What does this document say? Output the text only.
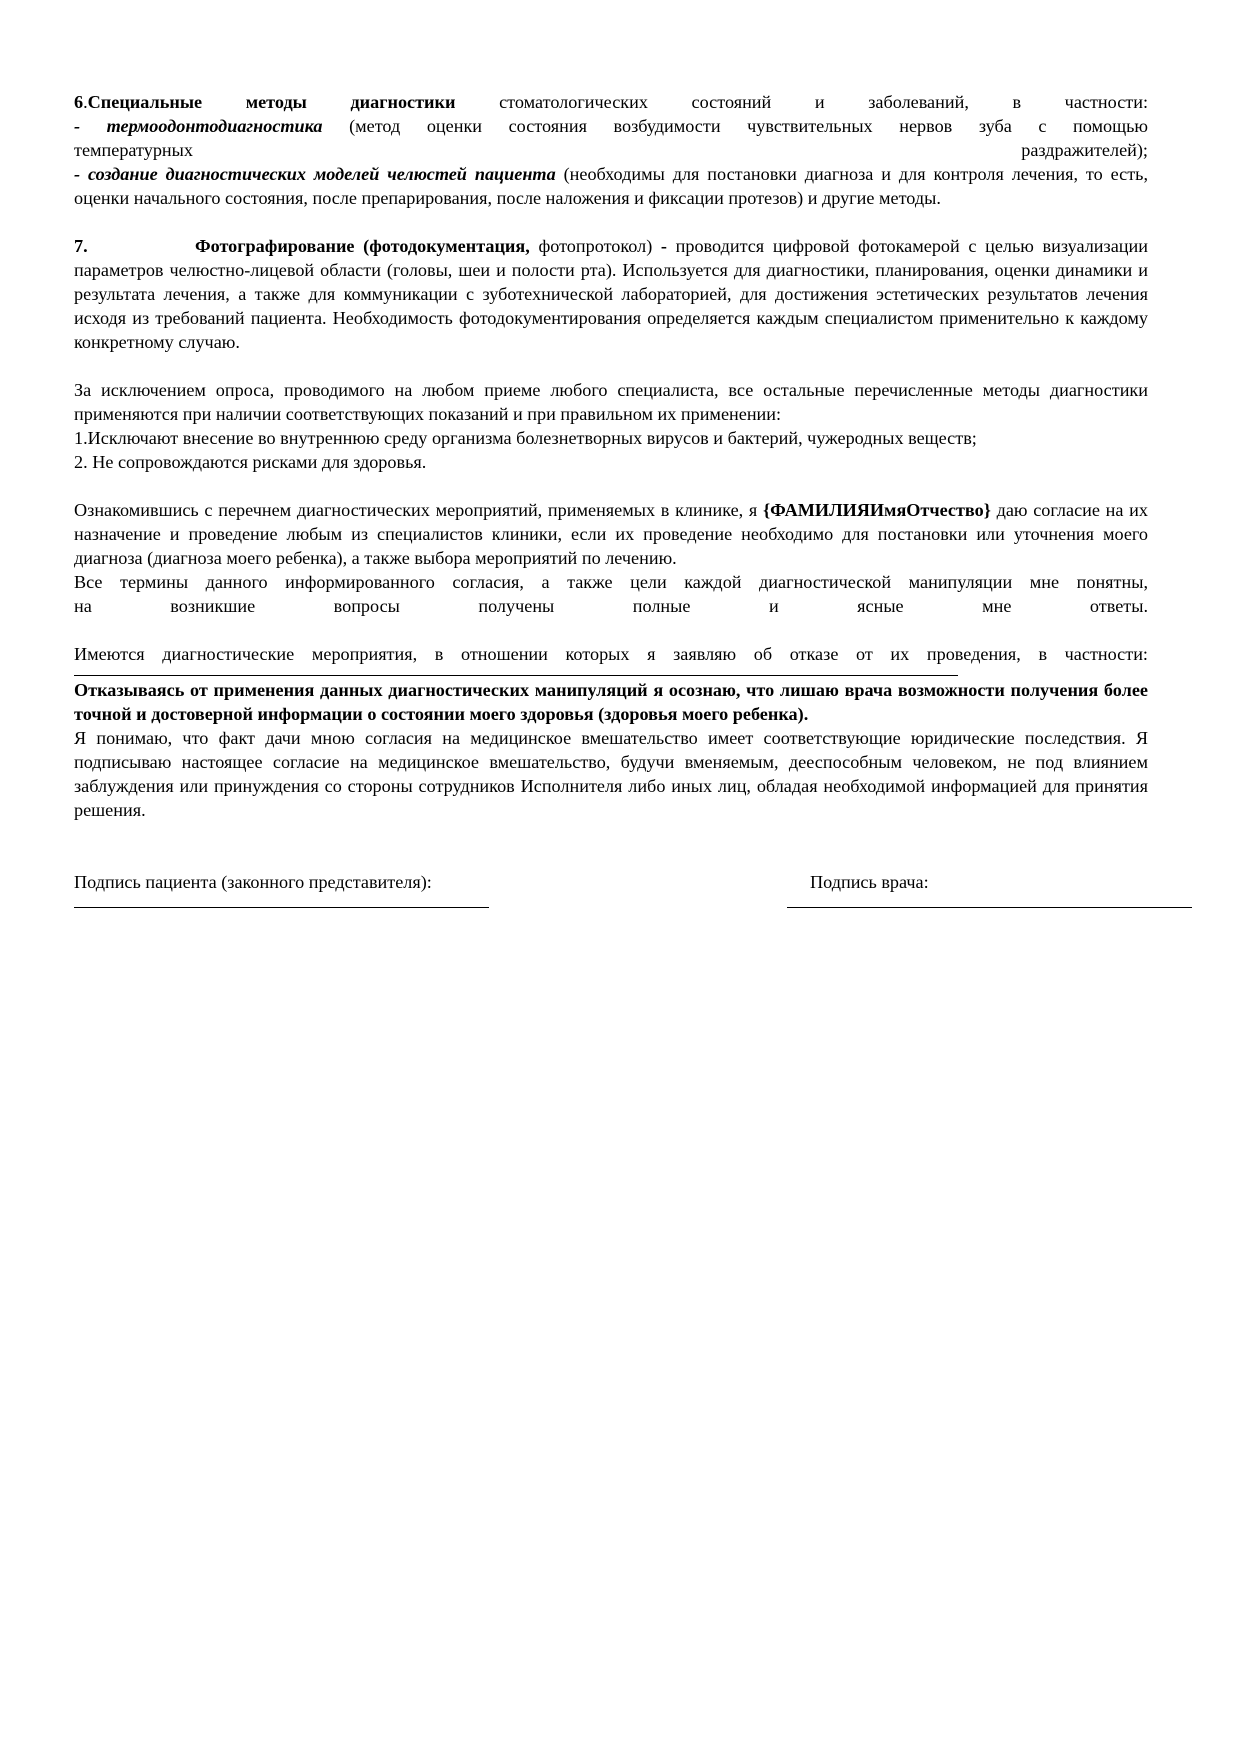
6.Специальные методы диагностики стоматологических состояний и заболеваний, в частности:

- термоодонтодиагностика (метод оценки состояния возбудимости чувствительных нервов зуба с помощью

температурных	раздражителей);

- создание диагностических моделей челюстей пациента (необходимы для постановки диагноза и для контроля лечения, то есть, оценки начального состояния, после препарирования, после наложения и фиксации протезов) и другие методы.

7.	Фотографирование (фотодокументация, фотопротокол) - проводится цифровой фотокамерой с целью визуализации параметров челюстно-лицевой области (головы, шеи и полости рта). Используется для диагностики, планирования, оценки динамики и результата лечения, а также для коммуникации с зуботехнической лабораторией, для достижения эстетических результатов лечения исходя из требований пациента. Необходимость фотодокументирования определяется каждым специалистом применительно к каждому конкретному случаю.

За исключением опроса, проводимого на любом приеме любого специалиста, все остальные перечисленные методы диагностики применяются при наличии соответствующих показаний и при правильном их применении:

1.Исключают внесение во внутреннюю среду организма болезнетворных вирусов и бактерий, чужеродных веществ;

2. Не сопровождаются рисками для здоровья.

Ознакомившись с перечнем диагностических мероприятий, применяемых в клинике, я {ФАМИЛИЯИмяОтчество} даю согласие на их назначение и проведение любым из специалистов клиники, если их проведение необходимо для постановки или уточнения моего диагноза (диагноза моего ребенка), а также выбора мероприятий по лечению.

Все термины данного информированного согласия, а также цели каждой диагностической манипуляции мне понятны,

на возникшие вопросы получены полные и ясные мне ответы.

Имеются диагностические мероприятия, в отношении которых я заявляю об отказе от их проведения, в частности:

Отказываясь от применения данных диагностических манипуляций я осознаю, что лишаю врача возможности получения более точной и достоверной информации о состоянии моего здоровья (здоровья моего ребенка).

Я понимаю, что факт дачи мною согласия на медицинское вмешательство имеет соответствующие юридические последствия. Я подписываю настоящее согласие на медицинское вмешательство, будучи вменяемым, дееспособным человеком, не под влиянием заблуждения или принуждения со стороны сотрудников Исполнителя либо иных лиц, обладая необходимой информацией для принятия решения.

Подпись пациента (законного представителя):	Подпись врача:
